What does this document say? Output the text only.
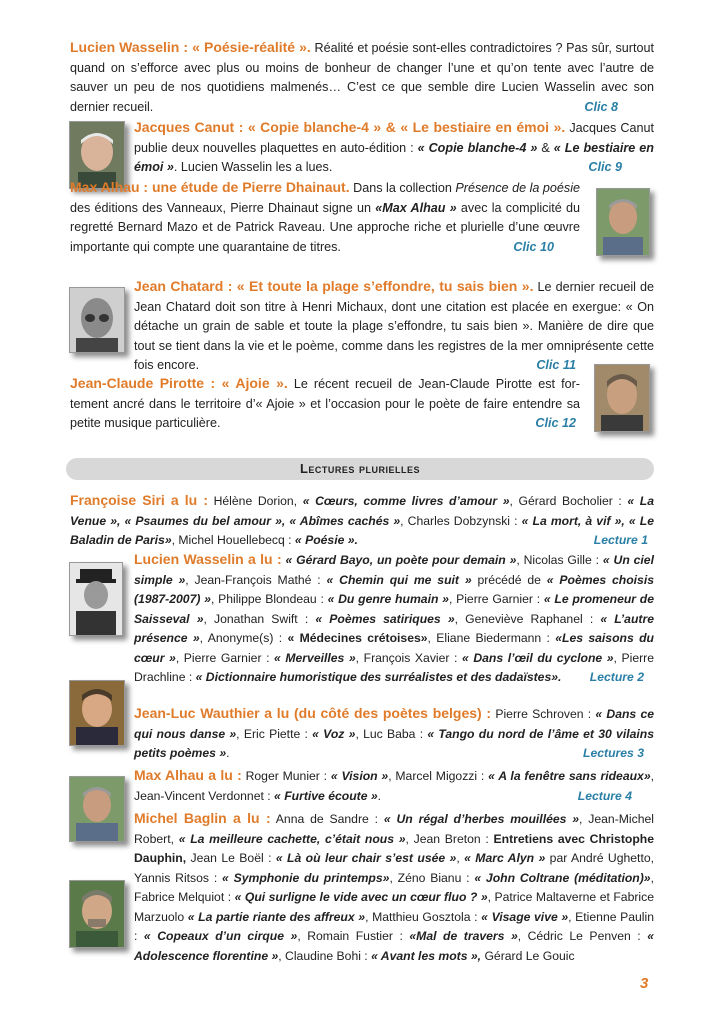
Lucien Wasselin : « Poésie-réalité ». Réalité et poésie sont-elles contradictoires ? Pas sûr, surtout quand on s’efforce avec plus ou moins de bonheur de changer l’une et qu’on tente avec l’autre de sauver un peu de nos quotidiens malmenés… C’est ce que semble dire Lucien Wasselin avec son dernier recueil.	Clic 8
Jacques Canut : « Copie blanche-4 » & « Le bestiaire en émoi ». Jacques Canut publie deux nouvelles plaquettes en auto-édition : « Copie blanche-4 » & « Le bestiaire en émoi ». Lucien Wasselin les a lues.	Clic 9
Max Alhau : une étude de Pierre Dhainaut. Dans la collection Présence de la poésie des éditions des Vanneaux, Pierre Dhainaut signe un «Max Alhau » avec la complicité du regretté Bernard Mazo et de Patrick Raveau. Une approche riche et plurielle d’une œuvre importante qui compte une quarantaine de titres.	Clic 10
Jean Chatard : « Et toute la plage s’effondre, tu sais bien ». Le dernier recueil de Jean Chatard doit son titre à Henri Michaux, dont une citation est placée en exergue: « On détache un grain de sable et toute la plage s’effondre, tu sais bien ». Manière de dire que tout se tient dans la vie et le poème, comme dans les registres de la mer omniprésente cette fois encore.	Clic 11
Jean-Claude Pirotte : « Ajoie ». Le récent recueil de Jean-Claude Pirotte est fortement ancré dans le territoire d’« Ajoie » et l’occasion pour le poète de faire entendre sa petite musique particulière.	Clic 12
Lectures plurielles
Françoise Siri a lu : Hélène Dorion, « Cœurs, comme livres d’amour », Gérard Bocholier : « La Venue », « Psaumes du bel amour », « Abîmes cachés », Charles Dobzynski : « La mort, à vif », « Le Baladin de Paris», Michel Houellebecq : « Poésie ».	Lecture 1
Lucien Wasselin a lu : « Gérard Bayo, un poète pour demain », Nicolas Gille : « Un ciel simple », Jean-François Mathé : « Chemin qui me suit » précédé de « Poèmes choisis (1987-2007) », Philippe Blondeau : « Du genre humain », Pierre Garnier : « Le promeneur de Saisseval », Jonathan Swift : « Poèmes satiriques », Geneviève Raphanel : « L’autre présence », Anonyme(s) : « Médecines crétoises», Eliane Biedermann : «Les saisons du cœur », Pierre Garnier : « Merveilles », François Xavier : « Dans l’œil du cyclone », Pierre Drachline : « Dictionnaire humoristique des surréalistes et des dadaïstes». Lecture 2
Jean-Luc Wauthier a lu (du côté des poètes belges) : Pierre Schroven : « Dans ce qui nous danse », Eric Piette : « Voz », Luc Baba : « Tango du nord de l’âme et 30 vilains petits poèmes ».	Lectures 3
Max Alhau a lu : Roger Munier : « Vision », Marcel Migozzi : « A la fenêtre sans rideaux», Jean-Vincent Verdonnet : « Furtive écoute ».	Lecture 4
Michel Baglin a lu : Anna de Sandre : « Un régal d’herbes mouillées », Jean-Michel Robert, « La meilleure cachette, c’était nous », Jean Breton : Entretiens avec Christophe Dauphin, Jean Le Boël : « Là où leur chair s’est usée », « Marc Alyn » par André Ughetto, Yannis Ritsos : « Symphonie du printemps», Zéno Bianu : « John Coltrane (méditation)», Fabrice Melquiot : « Qui surligne le vide avec un cœur fluo ? », Patrice Maltaverne et Fabrice Marzuolo « La partie riante des affreux », Matthieu Gosztola : « Visage vive », Etienne Paulin : « Copeaux d’un cirque », Romain Fustier : «Mal de travers », Cédric Le Penven : « Adolescence florentine », Claudine Bohi : « Avant les mots », Gérard Le Gouic
3
